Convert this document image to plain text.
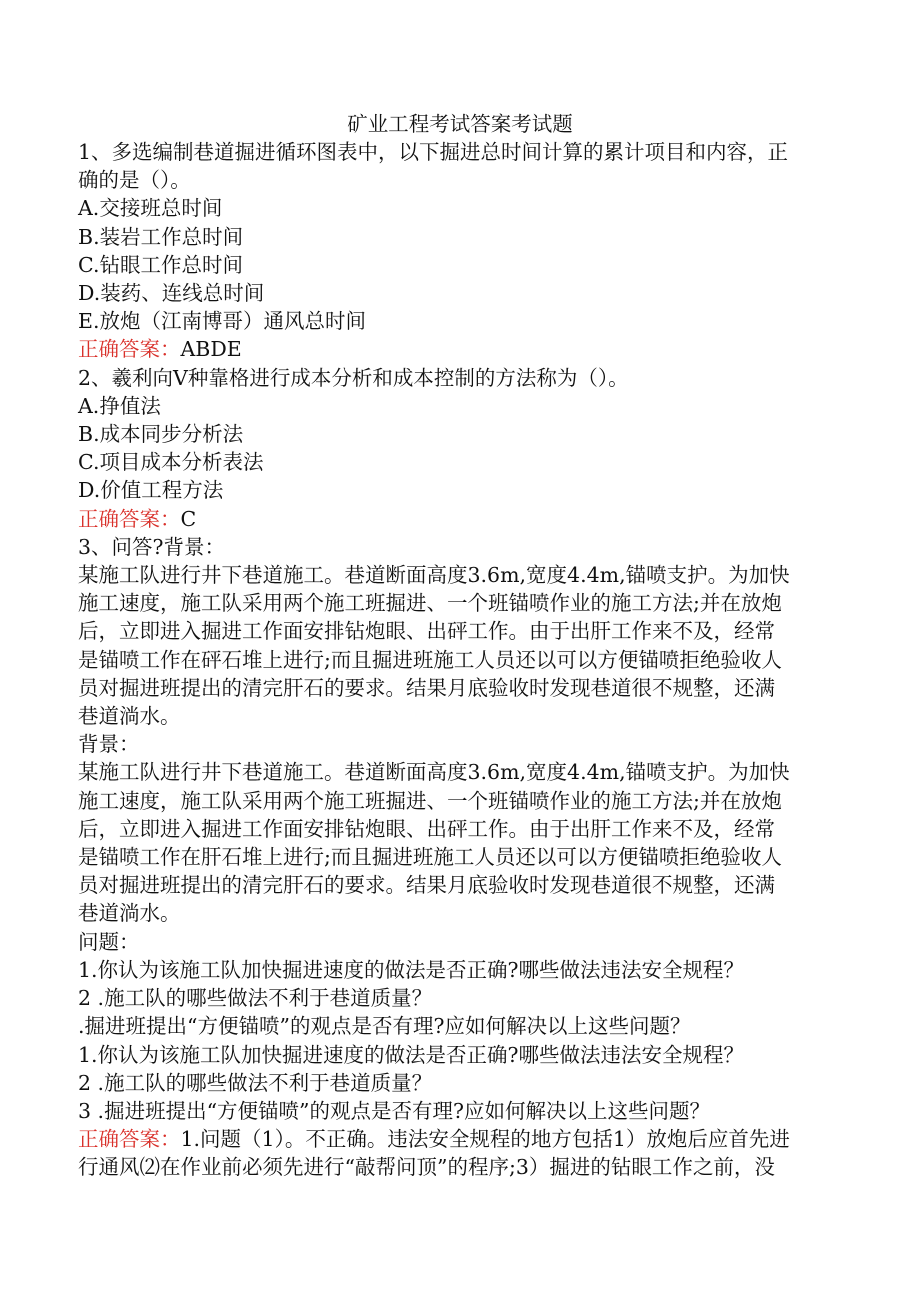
矿业工程考试答案考试题

1、多选编制巷道掘进循环图表中，以下掘进总时间计算的累计项目和内容，正

确的是（）。

A.交接班总时间

B.装岩工作总时间

C.钻眼工作总时间

D.装药、连线总时间

E.放炮（江南博哥）通风总时间

正确答案：ABDE

2、羲利向V种靠格进行成本分析和成本控制的方法称为（）。

A.挣值法

B.成本同步分析法

C.项目成本分析表法

D.价值工程方法

正确答案：C

3、问答?背景：

某施工队进行井下巷道施工。巷道断面高度3.6m,宽度4.4m,锚喷支护。为加快

施工速度，施工队采用两个施工班掘进、一个班锚喷作业的施工方法;并在放炮

后，立即进入掘进工作面安排钻炮眼、出砰工作。由于出肝工作来不及，经常

是锚喷工作在砰石堆上进行;而且掘进班施工人员还以可以方便锚喷拒绝验收人

员对掘进班提出的清完肝石的要求。结果月底验收时发现巷道很不规整，还满

巷道淌水。

背景：

某施工队进行井下巷道施工。巷道断面高度3.6m,宽度4.4m,锚喷支护。为加快

施工速度，施工队采用两个施工班掘进、一个班锚喷作业的施工方法;并在放炮

后，立即进入掘进工作面安排钻炮眼、出砰工作。由于出肝工作来不及，经常

是锚喷工作在肝石堆上进行;而且掘进班施工人员还以可以方便锚喷拒绝验收人

员对掘进班提出的清完肝石的要求。结果月底验收时发现巷道很不规整，还满

巷道淌水。

问题：

1.你认为该施工队加快掘进速度的做法是否正确?哪些做法违法安全规程？

2 .施工队的哪些做法不利于巷道质量？

.掘进班提出“方便锚喷”的观点是否有理?应如何解决以上这些问题？

1.你认为该施工队加快掘进速度的做法是否正确?哪些做法违法安全规程？

2 .施工队的哪些做法不利于巷道质量？

3 .掘进班提出“方便锚喷”的观点是否有理?应如何解决以上这些问题？

正确答案：1.问题（1）。不正确。违法安全规程的地方包括1）放炮后应首先进

行通风⑵在作业前必须先进行“敲帮问顶”的程序;3）掘进的钻眼工作之前，没
